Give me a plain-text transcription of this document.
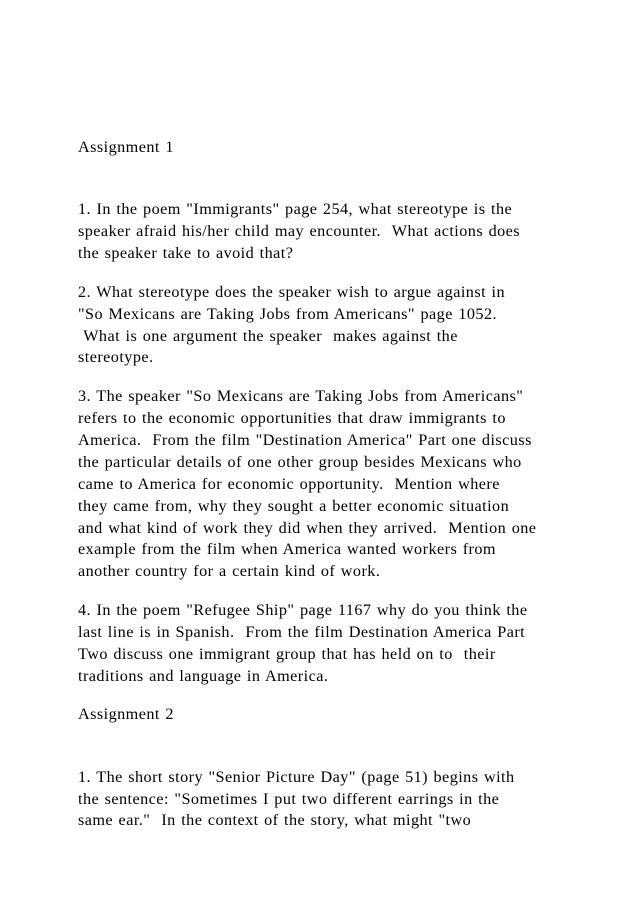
Assignment 1
1. In the poem "Immigrants" page 254, what stereotype is the
speaker afraid his/her child may encounter.  What actions does
the speaker take to avoid that?
2. What stereotype does the speaker wish to argue against in
"So Mexicans are Taking Jobs from Americans" page 1052.
What is one argument the speaker  makes against the
stereotype.
3. The speaker "So Mexicans are Taking Jobs from Americans"
refers to the economic opportunities that draw immigrants to
America.  From the film "Destination America" Part one discuss
the particular details of one other group besides Mexicans who
came to America for economic opportunity.  Mention where
they came from, why they sought a better economic situation
and what kind of work they did when they arrived.  Mention one
example from the film when America wanted workers from
another country for a certain kind of work.
4. In the poem "Refugee Ship" page 1167 why do you think the
last line is in Spanish.  From the film Destination America Part
Two discuss one immigrant group that has held on to  their
traditions and language in America.
Assignment 2
1. The short story "Senior Picture Day" (page 51) begins with
the sentence: "Sometimes I put two different earrings in the
same ear."  In the context of the story, what might "two
